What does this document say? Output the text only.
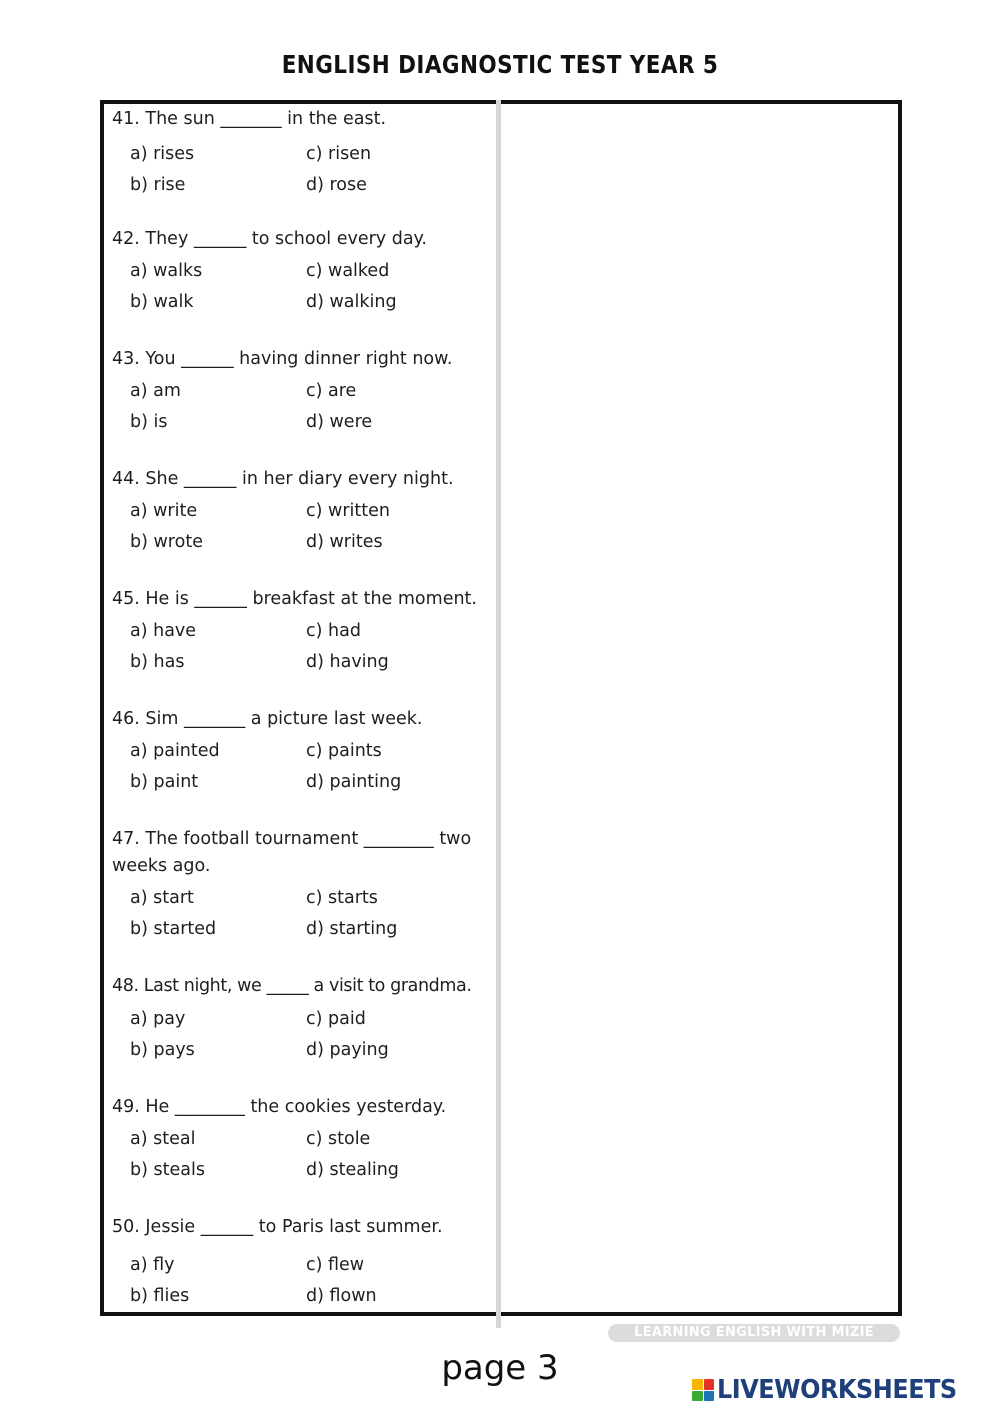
ENGLISH DIAGNOSTIC TEST YEAR 5
41. The sun _______ in the east.
a) rises	c) risen
b) rise	d) rose
42. They ______ to school every day.
a) walks	c) walked
b) walk	d) walking
43. You ______ having dinner right now.
a) am	c) are
b) is	d) were
44. She ______ in her diary every night.
a) write	c) written
b) wrote	d) writes
45. He is ______ breakfast at the moment.
a) have	c) had
b) has	d) having
46. Sim _______ a picture last week.
a) painted	c) paints
b) paint	d) painting
47. The football tournament ________ two weeks ago.
a) start	c) starts
b) started	d) starting
48. Last night, we _____ a visit to grandma.
a) pay	c) paid
b) pays	d) paying
49. He ________ the cookies yesterday.
a) steal	c) stole
b) steals	d) stealing
50. Jessie ______ to Paris last summer.
a) fly	c) flew
b) flies	d) flown
LEARNING ENGLISH WITH MIZIE
page 3
LIVEWORKSHEETS
